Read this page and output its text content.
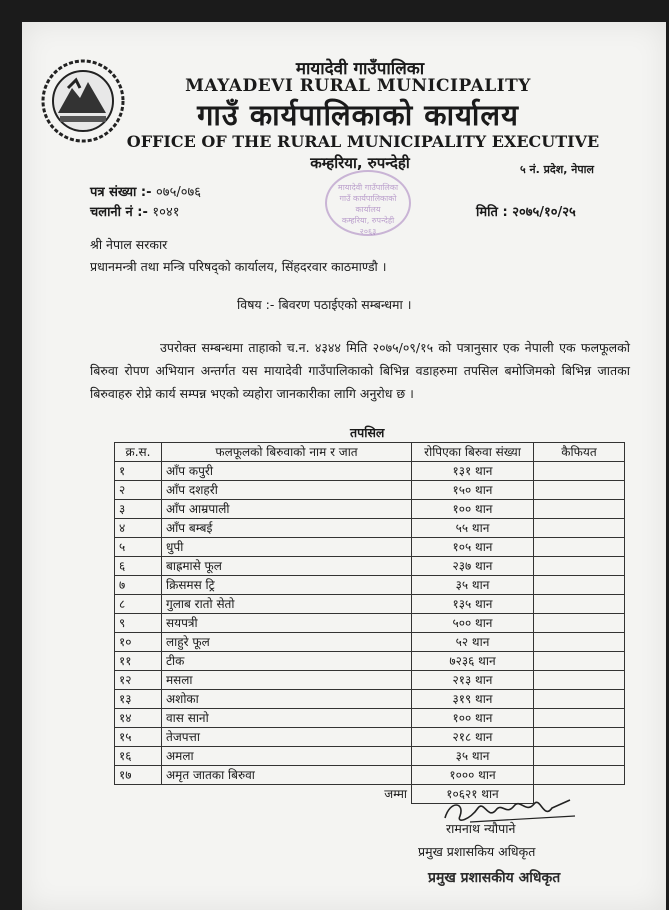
मायादेवी गाउँपालिका
MAYADEVI RURAL MUNICIPALITY
गाउँ कार्यपालिकाको कार्यालय
OFFICE OF THE RURAL MUNICIPALITY EXECUTIVE
कम्हरिया, रुपन्देही	५ नं. प्रदेश, नेपाल
पत्र संख्या :- ०७५/०७६
चलानी नं :- १०४१	मिति : २०७५/१०/२५
मायादेवी गाउँपालिका
गाउँ कार्यपालिकाको कार्यालय
कम्हरिया, रुपन्देही
२०६३
श्री नेपाल सरकार
प्रधानमन्त्री तथा मन्त्रि परिषद्को कार्यालय, सिंहदरवार काठमाण्डौ ।
विषय :- बिवरण पठाईएको सम्बन्धमा ।
उपरोक्त सम्बन्धमा ताहाको च.न. ४३४४ मिति २०७५/०९/१५ को पत्रानुसार एक नेपाली एक फलफूलको बिरुवा रोपण अभियान अन्तर्गत यस मायादेवी गाउँपालिकाको बिभिन्न वडाहरुमा तपसिल बमोजिमको बिभिन्न जातका बिरुवाहरु रोप्ने कार्य सम्पन्न भएको व्यहोरा जानकारीका लागि अनुरोध छ ।
तपसिल
क्र.स.	फलफूलको बिरुवाको नाम र जात	रोपिएका बिरुवा संख्या	कैफियत
१	आँप कपुरी	१३१ थान	
२	आँप दशहरी	१५० थान	
३	आँप आम्रपाली	१०० थान	
४	आँप बम्बई	५५ थान	
५	धुपी	१०५ थान	
६	बाह्रमासे फूल	२३७ थान	
७	क्रिसमस ट्रि	३५ थान	
८	गुलाब रातो सेतो	१३५ थान	
९	सयपत्री	५०० थान	
१०	लाहुरे फूल	५२ थान	
११	टीक	७२३६ थान	
१२	मसला	२१३ थान	
१३	अशोका	३१९ थान	
१४	वास सानो	१०० थान	
१५	तेजपत्ता	२१८ थान	
१६	अमला	३५ थान	
१७	अमृत जातका बिरुवा	१००० थान	
जम्मा		१०६२१ थान	
रामनाथ न्यौपाने
प्रमुख प्रशासकिय अधिकृत
प्रमुख प्रशासकीय अधिकृत
